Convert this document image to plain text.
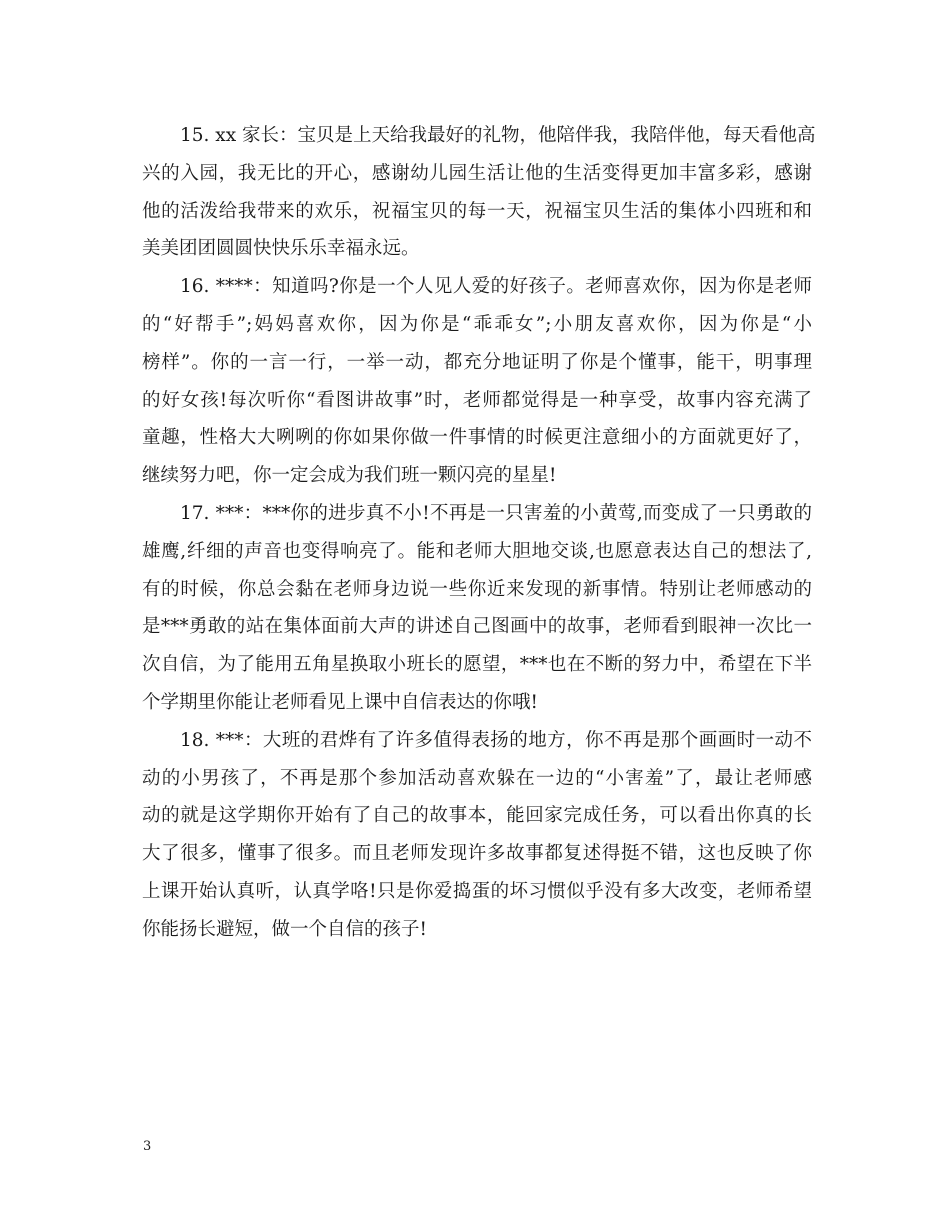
15. xx 家长：宝贝是上天给我最好的礼物，他陪伴我，我陪伴他，每天看他高
兴的入园，我无比的开心，感谢幼儿园生活让他的生活变得更加丰富多彩，感谢
他的活泼给我带来的欢乐，祝福宝贝的每一天，祝福宝贝生活的集体小四班和和
美美团团圆圆快快乐乐幸福永远。
16. ****：知道吗?你是一个人见人爱的好孩子。老师喜欢你，因为你是老师
的“好帮手”;妈妈喜欢你，因为你是“乖乖女”;小朋友喜欢你，因为你是“小
榜样”。你的一言一行，一举一动，都充分地证明了你是个懂事，能干，明事理
的好女孩!每次听你“看图讲故事”时，老师都觉得是一种享受，故事内容充满了
童趣，性格大大咧咧的你如果你做一件事情的时候更注意细小的方面就更好了，
继续努力吧，你一定会成为我们班一颗闪亮的星星!
17. ***：***你的进步真不小!不再是一只害羞的小黄莺,而变成了一只勇敢的
雄鹰,纤细的声音也变得响亮了。能和老师大胆地交谈,也愿意表达自己的想法了,
有的时候，你总会黏在老师身边说一些你近来发现的新事情。特别让老师感动的
是***勇敢的站在集体面前大声的讲述自己图画中的故事，老师看到眼神一次比一
次自信，为了能用五角星换取小班长的愿望，***也在不断的努力中，希望在下半
个学期里你能让老师看见上课中自信表达的你哦!
18. ***：大班的君烨有了许多值得表扬的地方，你不再是那个画画时一动不
动的小男孩了，不再是那个参加活动喜欢躲在一边的“小害羞”了，最让老师感
动的就是这学期你开始有了自己的故事本，能回家完成任务，可以看出你真的长
大了很多，懂事了很多。而且老师发现许多故事都复述得挺不错，这也反映了你
上课开始认真听，认真学咯!只是你爱捣蛋的坏习惯似乎没有多大改变，老师希望
你能扬长避短，做一个自信的孩子!
3
